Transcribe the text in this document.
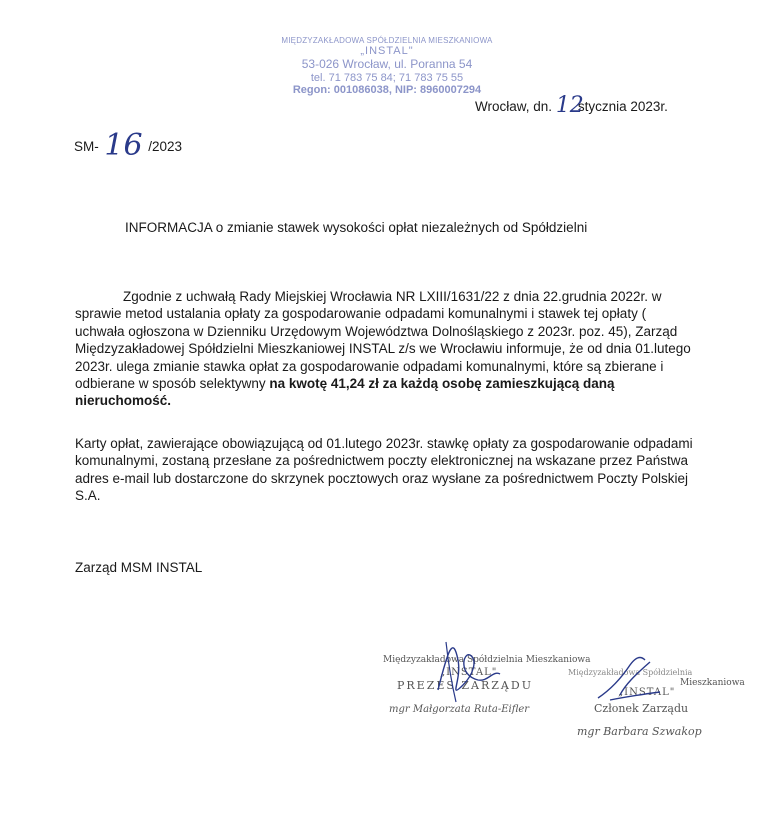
MIĘDZYZAKŁADOWA SPÓŁDZIELNIA MIESZKANIOWA
„INSTAL"
53-026 Wrocław, ul. Poranna 54
tel. 71 783 75 84; 71 783 75 55
Regon: 001086038, NIP: 8960007294
Wrocław, dn. 12stycznia 2023r.
SM- 16 /2023
INFORMACJA o zmianie stawek wysokości opłat niezależnych od Spółdzielni
Zgodnie z uchwałą Rady Miejskiej Wrocławia NR LXIII/1631/22 z dnia 22.grudnia 2022r. w sprawie metod ustalania opłaty za gospodarowanie odpadami komunalnymi i stawek tej opłaty ( uchwała ogłoszona w Dzienniku Urzędowym Województwa Dolnośląskiego z 2023r. poz. 45), Zarząd Międzyzakładowej Spółdzielni Mieszkaniowej INSTAL z/s we Wrocławiu informuje, że od dnia 01.lutego 2023r. ulega zmianie stawka opłat za gospodarowanie odpadami komunalnymi, które są zbierane i odbierane w sposób selektywny na kwotę 41,24 zł za każdą osobę zamieszkującą daną nieruchomość.
Karty opłat, zawierające obowiązującą od 01.lutego 2023r. stawkę opłaty za gospodarowanie odpadami komunalnymi, zostaną przesłane za pośrednictwem poczty elektronicznej na wskazane przez Państwa adres e-mail lub dostarczone do skrzynek pocztowych oraz wysłane za pośrednictwem Poczty Polskiej S.A.
Zarząd MSM INSTAL
Międzyzakładowa Spółdzielnia Mieszkaniowa
„INSTAL"
PREZES ZARZĄDU
mgr Małgorzata Ruta-Eifler
Międzyzakładowa Spółdzielnia
Mieszkaniowa
„INSTAL"
Członek Zarządu
mgr Barbara Szwakop
